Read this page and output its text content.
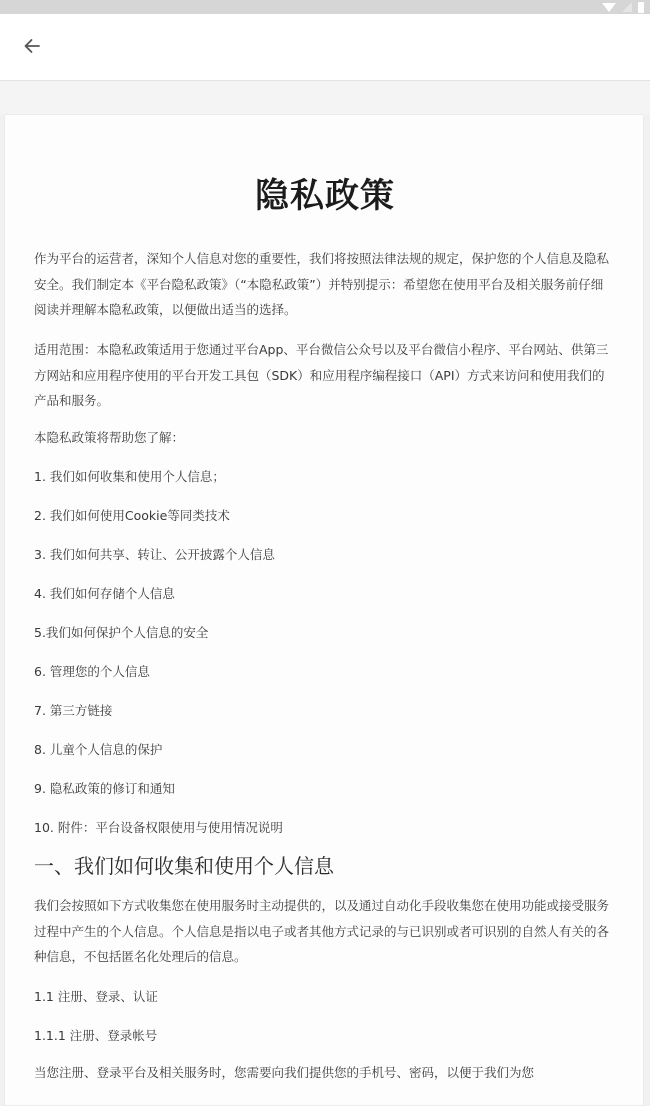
隐私政策

作为平台的运营者，深知个人信息对您的重要性，我们将按照法律法规的规定，保护您的个人信息及隐私安全。我们制定本《平台隐私政策》（“本隐私政策”）并特别提示：希望您在使用平台及相关服务前仔细阅读并理解本隐私政策，以便做出适当的选择。

适用范围：本隐私政策适用于您通过平台App、平台微信公众号以及平台微信小程序、平台网站、供第三方网站和应用程序使用的平台开发工具包（SDK）和应用程序编程接口（API）方式来访问和使用我们的产品和服务。

本隐私政策将帮助您了解：

1. 我们如何收集和使用个人信息；

2. 我们如何使用Cookie等同类技术

3. 我们如何共享、转让、公开披露个人信息

4. 我们如何存储个人信息

5.我们如何保护个人信息的安全

6. 管理您的个人信息

7. 第三方链接

8. 儿童个人信息的保护

9. 隐私政策的修订和通知

10. 附件：平台设备权限使用与使用情况说明

一、我们如何收集和使用个人信息

我们会按照如下方式收集您在使用服务时主动提供的，以及通过自动化手段收集您在使用功能或接受服务过程中产生的个人信息。个人信息是指以电子或者其他方式记录的与已识别或者可识别的自然人有关的各种信息，不包括匿名化处理后的信息。

1.1 注册、登录、认证

1.1.1 注册、登录帐号

当您注册、登录平台及相关服务时，您需要向我们提供您的手机号、密码，以便于我们为您
